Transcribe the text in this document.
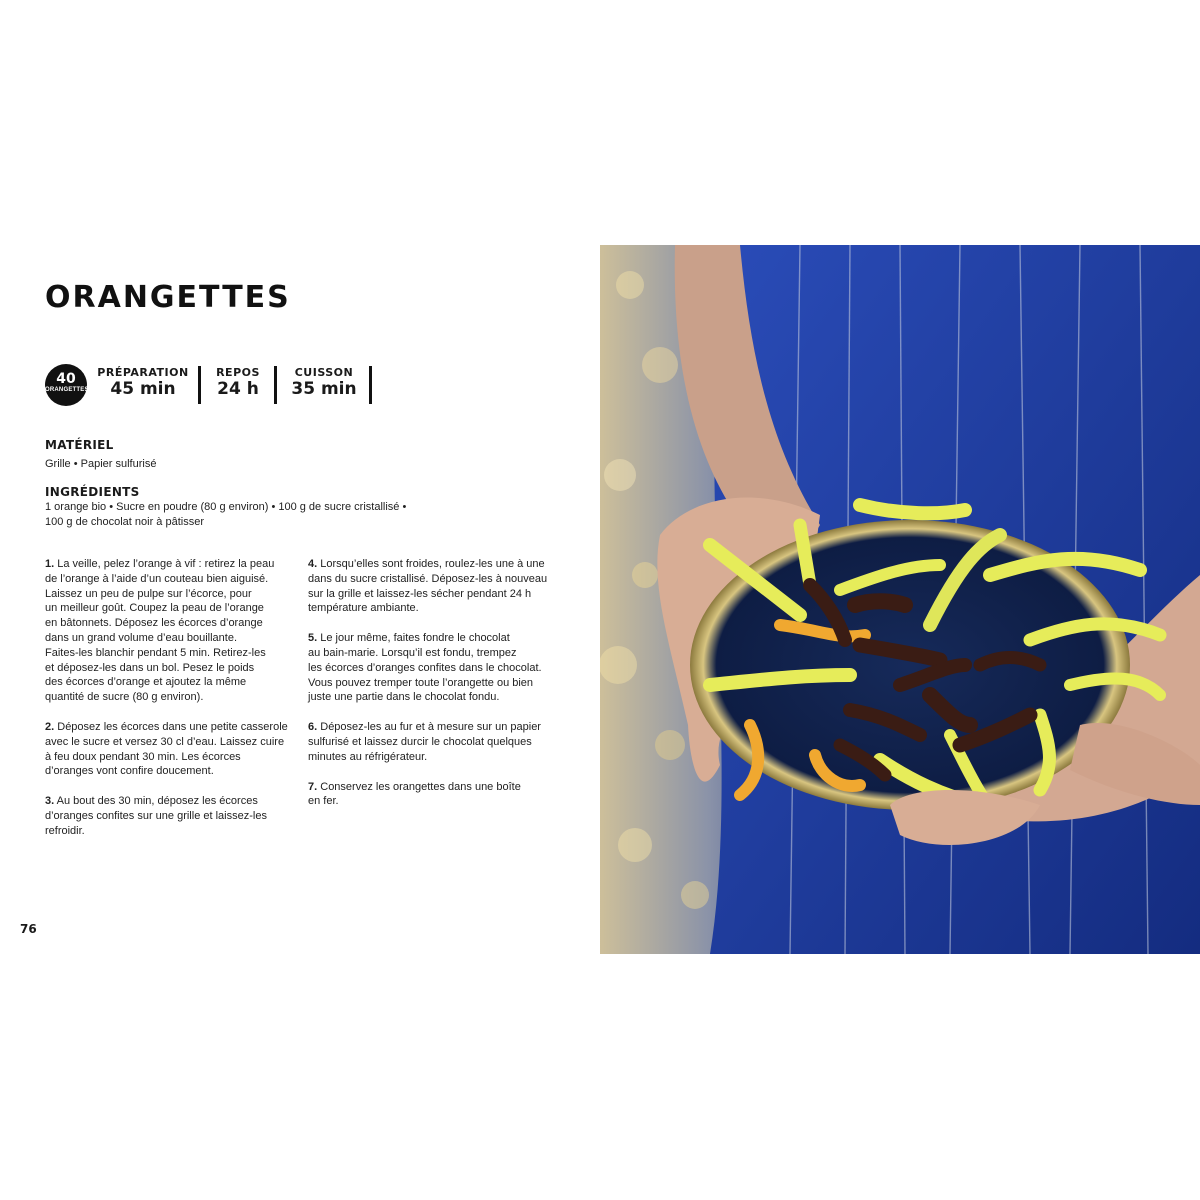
ORANGETTES
40
ORANGETTES
PRÉPARATION
45 min
REPOS
24 h
CUISSON
35 min
MATÉRIEL
Grille • Papier sulfurisé
INGRÉDIENTS
1 orange bio • Sucre en poudre (80 g environ) • 100 g de sucre cristallisé •
100 g de chocolat noir à pâtisser
1. La veille, pelez l’orange à vif : retirez la peau
de l’orange à l’aide d’un couteau bien aiguisé.
Laissez un peu de pulpe sur l’écorce, pour
un meilleur goût. Coupez la peau de l’orange
en bâtonnets. Déposez les écorces d’orange
dans un grand volume d’eau bouillante.
Faites-les blanchir pendant 5 min. Retirez-les
et déposez-les dans un bol. Pesez le poids
des écorces d’orange et ajoutez la même
quantité de sucre (80 g environ).
2. Déposez les écorces dans une petite casserole
avec le sucre et versez 30 cl d’eau. Laissez cuire
à feu doux pendant 30 min. Les écorces
d’oranges vont confire doucement.
3. Au bout des 30 min, déposez les écorces
d’oranges confites sur une grille et laissez-les
refroidir.
4. Lorsqu’elles sont froides, roulez-les une à une
dans du sucre cristallisé. Déposez-les à nouveau
sur la grille et laissez-les sécher pendant 24 h
température ambiante.
5. Le jour même, faites fondre le chocolat
au bain-marie. Lorsqu’il est fondu, trempez
les écorces d’oranges confites dans le chocolat.
Vous pouvez tremper toute l’orangette ou bien
juste une partie dans le chocolat fondu.
6. Déposez-les au fur et à mesure sur un papier
sulfurisé et laissez durcir le chocolat quelques
minutes au réfrigérateur.
7. Conservez les orangettes dans une boîte
en fer.
76
